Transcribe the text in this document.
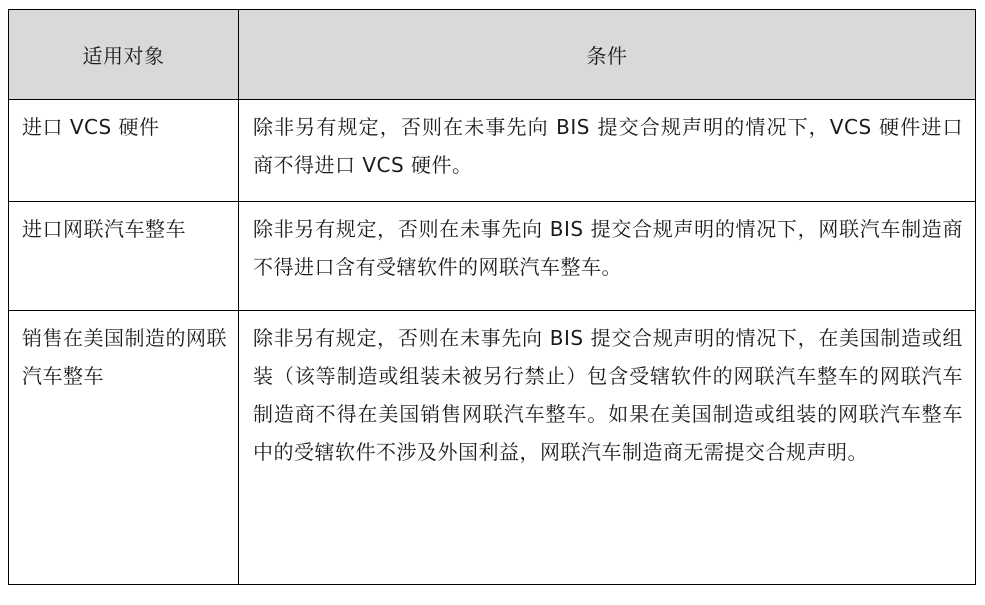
适用对象	条件
进口 VCS 硬件	除非另有规定，否则在未事先向 BIS 提交合规声明的情况下，VCS 硬件进口商不得进口 VCS 硬件。
进口网联汽车整车	除非另有规定，否则在未事先向 BIS 提交合规声明的情况下，网联汽车制造商不得进口含有受辖软件的网联汽车整车。
销售在美国制造的网联汽车整车	除非另有规定，否则在未事先向 BIS 提交合规声明的情况下，在美国制造或组装（该等制造或组装未被另行禁止）包含受辖软件的网联汽车整车的网联汽车制造商不得在美国销售网联汽车整车。如果在美国制造或组装的网联汽车整车中的受辖软件不涉及外国利益，网联汽车制造商无需提交合规声明。
